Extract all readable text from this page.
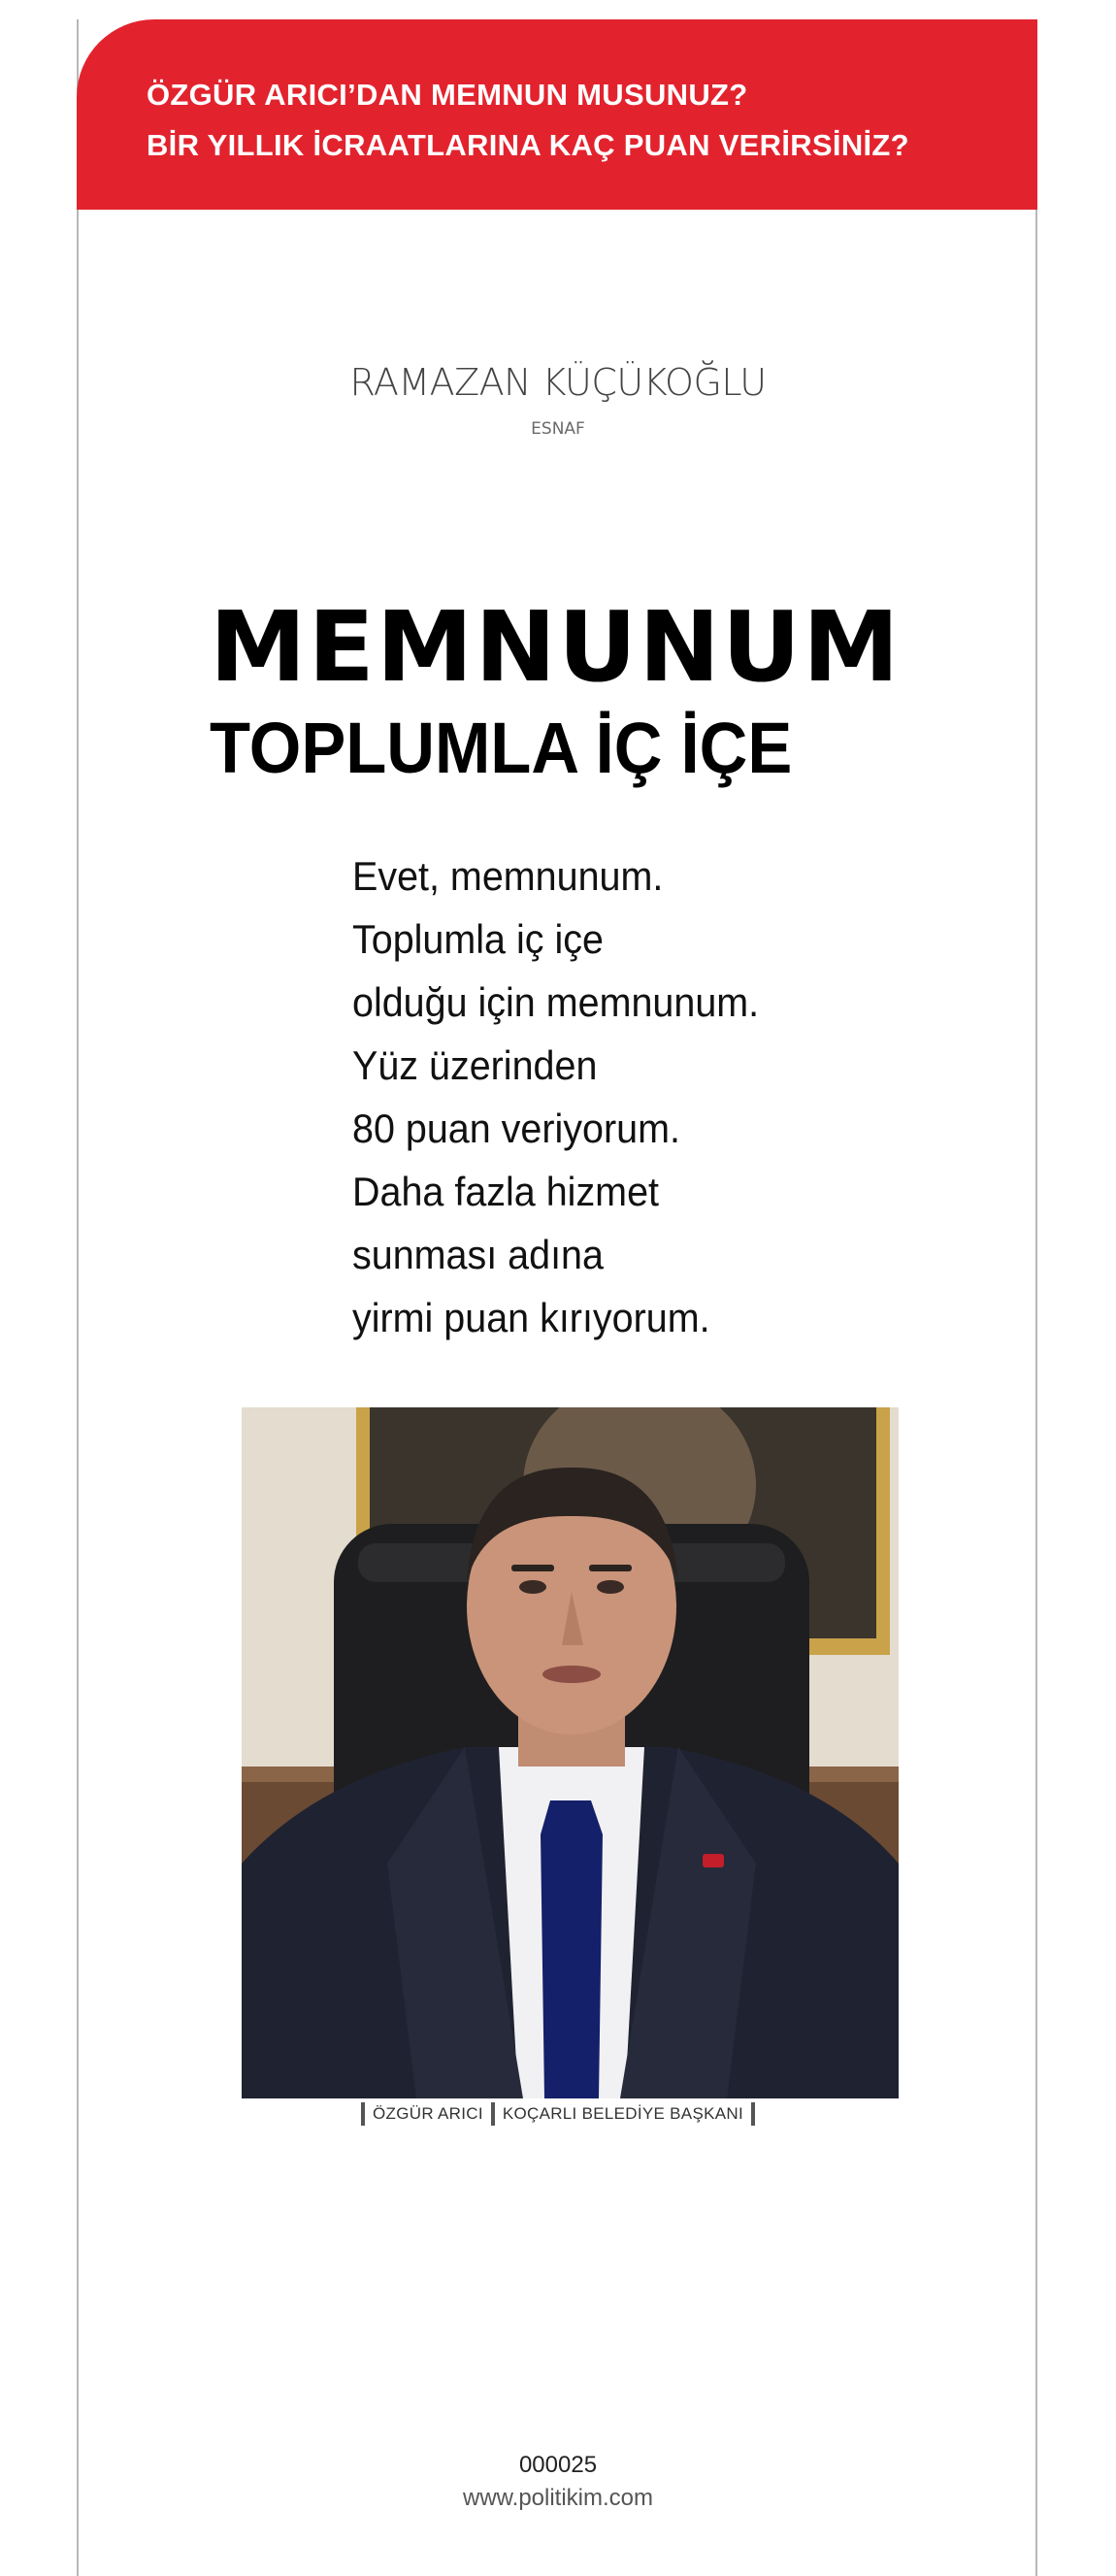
ÖZGÜR ARICI’DAN MEMNUN MUSUNUZ?
BİR YILLIK İCRAATLARINA KAÇ PUAN VERİRSİNİZ?
RAMAZAN KÜÇÜKOĞLU
ESNAF
MEMNUNUM
TOPLUMLA İÇ İÇE
Evet, memnunum.
Toplumla iç içe
olduğu için memnunum.
Yüz üzerinden
80 puan veriyorum.
Daha fazla hizmet
sunması adına
yirmi puan kırıyorum.
ÖZGÜR ARICI KOÇARLI BELEDİYE BAŞKANI
000025
www.politikim.com
